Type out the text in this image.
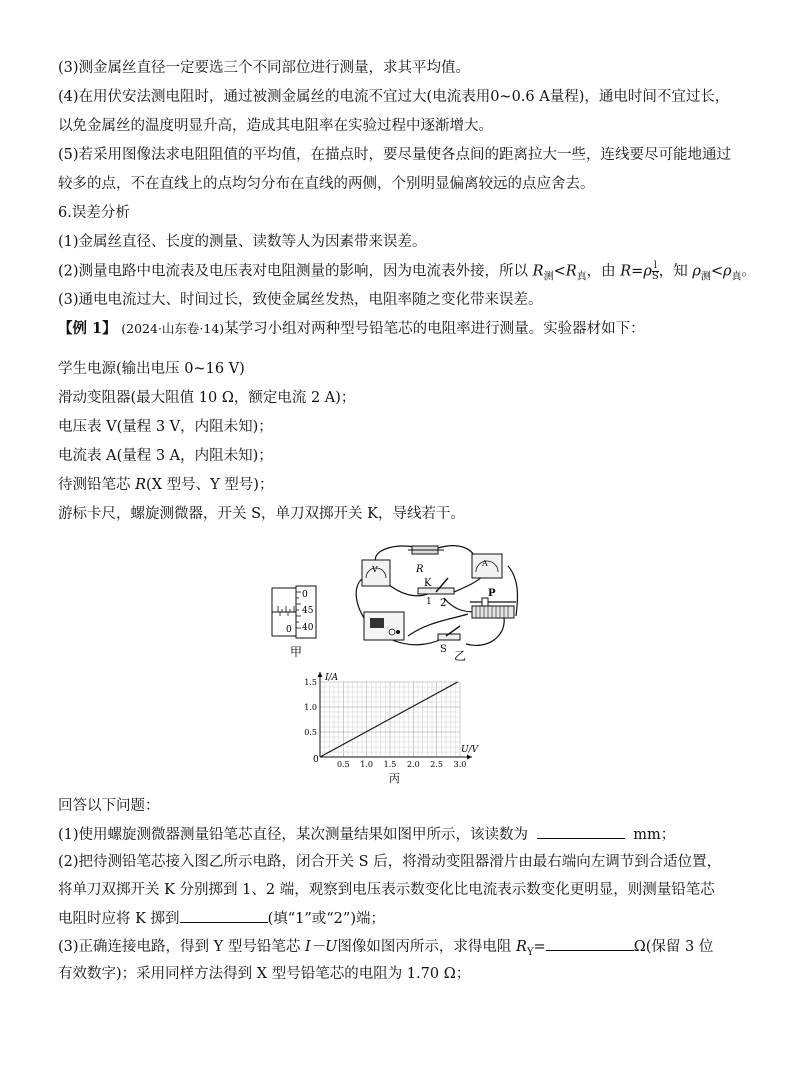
(3)测金属丝直径一定要选三个不同部位进行测量，求其平均值。
(4)在用伏安法测电阻时，通过被测金属丝的电流不宜过大(电流表用0~0.6 A量程)，通电时间不宜过长，
以免金属丝的温度明显升高，造成其电阻率在实验过程中逐渐增大。
(5)若采用图像法求电阻阻值的平均值，在描点时，要尽量使各点间的距离拉大一些，连线要尽可能地通过
较多的点，不在直线上的点均匀分布在直线的两侧，个别明显偏离较远的点应舍去。
6.误差分析
(1)金属丝直径、长度的测量、读数等人为因素带来误差。
(2)测量电路中电流表及电压表对电阻测量的影响，因为电流表外接，所以 $R_测<R_真$，由 $R=\rho \frac{l}{S}$ ，知 $\rho_测<\rho_真$。
(3)通电电流过大、时间过长，致使金属丝发热，电阻率随之变化带来误差。
【例 1】 (2024·山东卷·14)某学习小组对两种型号铅笔芯的电阻率进行测量。实验器材如下：
学生电源(输出电压 0~16 V)
滑动变阻器(最大阻值 10 Ω，额定电流 2 A)；
电压表 V(量程 3 V，内阻未知)；
电流表 A(量程 3 A，内阻未知)；
待测铅笔芯 R(X 型号、Y 型号)；
游标卡尺，螺旋测微器，开关 S，单刀双掷开关 K，导线若干。
0
0
45
40
甲
V
A
R
K
1 2
P
S 乙
0.5 1.0 1.5 2.0 2.5 3.0
0.5
1.0
1.5
U/V
I/A
0
丙
回答以下问题：
(1)使用螺旋测微器测量铅笔芯直径，某次测量结果如图甲所示，该读数为	mm；
(2)把待测铅笔芯接入图乙所示电路，闭合开关 S 后，将滑动变阻器滑片由最右端向左调节到合适位置，
将单刀双掷开关 K 分别掷到 1、2 端，观察到电压表示数变化比电流表示数变化更明显，则测量铅笔芯
电阻时应将 K 掷到	(填“1”或“2”)端；
(3)正确连接电路，得到 Y 型号铅笔芯 I－U图像如图丙所示，求得电阻 $R_Y=$	Ω(保留 3 位
有效数字)；采用同样方法得到 X 型号铅笔芯的电阻为 1.70 Ω；
